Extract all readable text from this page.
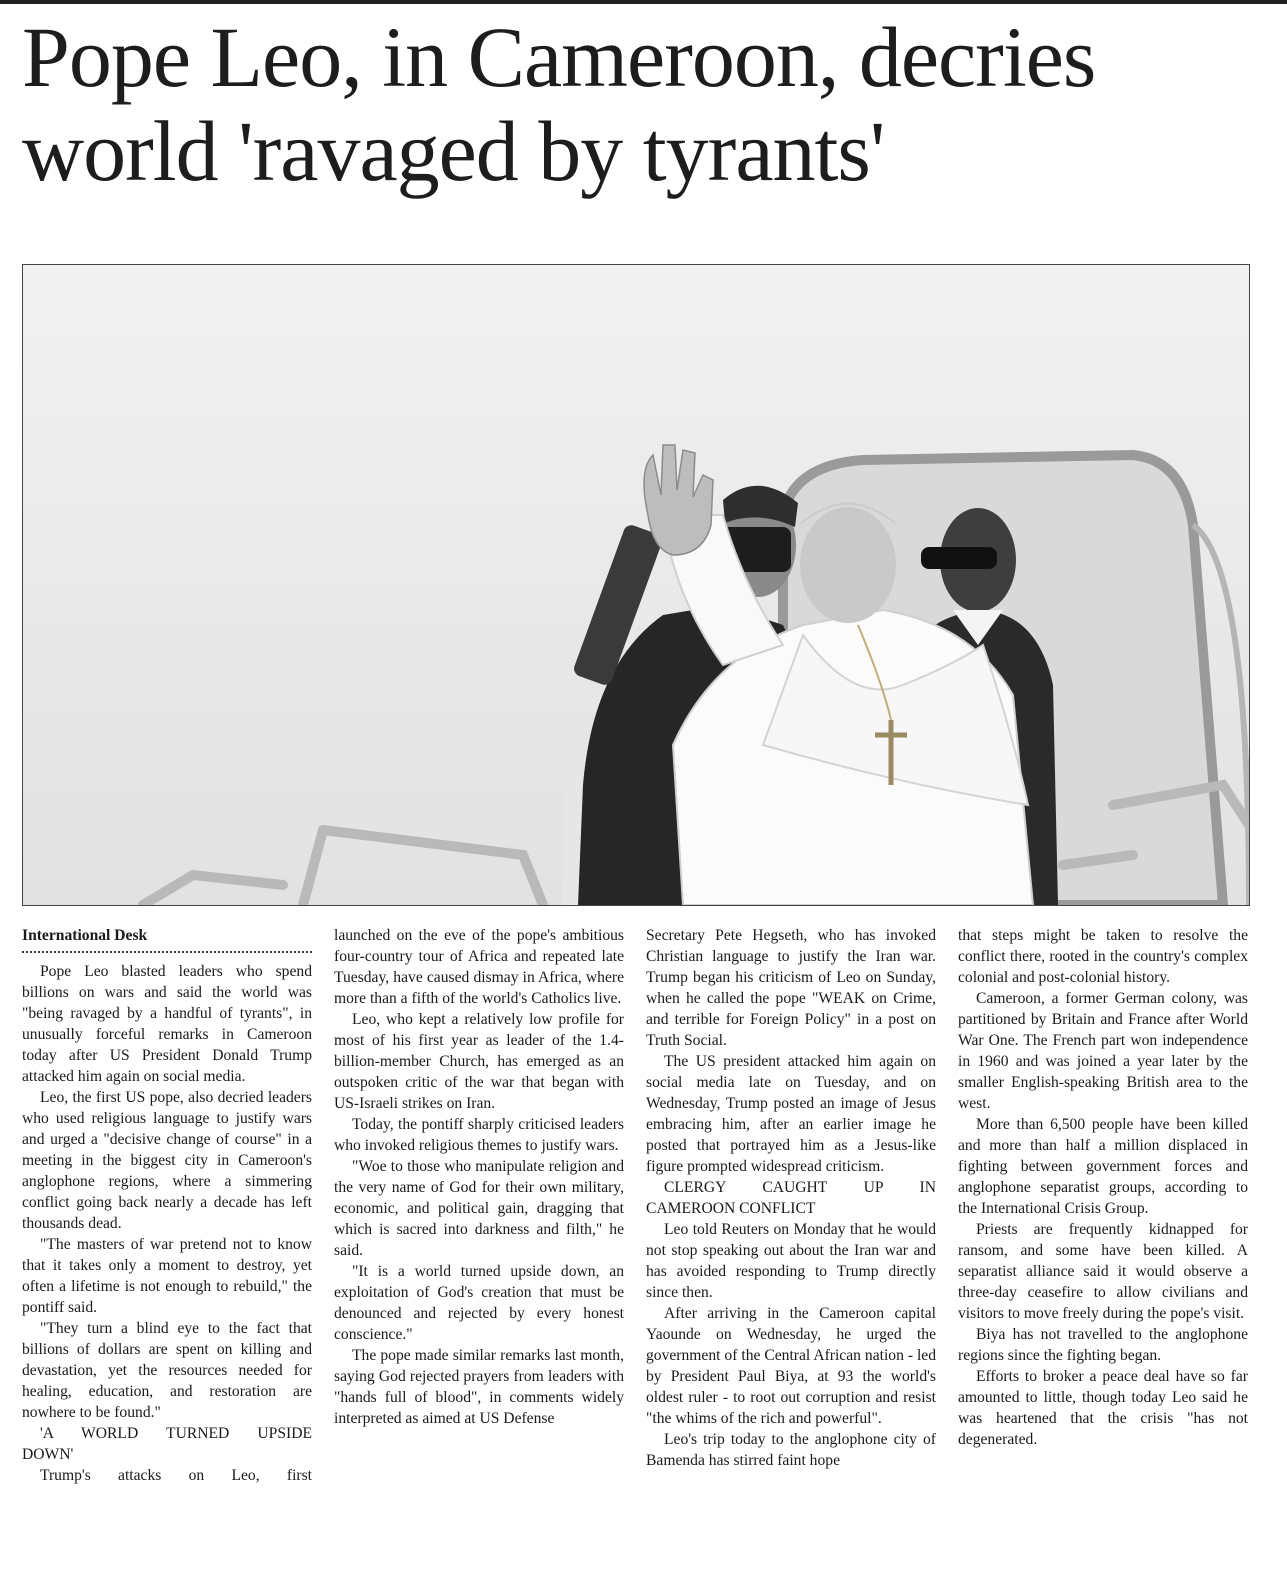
Pope Leo, in Cameroon, decries world 'ravaged by tyrants'
International Desk

Pope Leo blasted leaders who spend billions on wars and said the world was "being ravaged by a handful of tyrants", in unusually forceful remarks in Cameroon today after US President Donald Trump attacked him again on social media.

Leo, the first US pope, also decried leaders who used religious language to justify wars and urged a "decisive change of course" in a meeting in the biggest city in Cameroon's anglophone regions, where a simmering conflict going back nearly a decade has left thousands dead.

"The masters of war pretend not to know that it takes only a moment to destroy, yet often a lifetime is not enough to rebuild," the pontiff said.

"They turn a blind eye to the fact that billions of dollars are spent on killing and devastation, yet the resources needed for healing, education, and restoration are nowhere to be found."

'A WORLD TURNED UPSIDE

DOWN'

Trump's attacks on Leo, first

launched on the eve of the pope's ambitious four-country tour of Africa and repeated late Tuesday, have caused dismay in Africa, where more than a fifth of the world's Catholics live.

Leo, who kept a relatively low profile for most of his first year as leader of the 1.4-billion-member Church, has emerged as an outspoken critic of the war that began with US-Israeli strikes on Iran.

Today, the pontiff sharply criticised leaders who invoked religious themes to justify wars.

"Woe to those who manipulate religion and the very name of God for their own military, economic, and political gain, dragging that which is sacred into darkness and filth," he said.

"It is a world turned upside down, an exploitation of God's creation that must be denounced and rejected by every honest conscience."

The pope made similar remarks last month, saying God rejected prayers from leaders with "hands full of blood", in comments widely interpreted as aimed at US Defense

Secretary Pete Hegseth, who has invoked Christian language to justify the Iran war. Trump began his criticism of Leo on Sunday, when he called the pope "WEAK on Crime, and terrible for Foreign Policy" in a post on Truth Social.

The US president attacked him again on social media late on Tuesday, and on Wednesday, Trump posted an image of Jesus embracing him, after an earlier image he posted that portrayed him as a Jesus-like figure prompted widespread criticism.

CLERGY CAUGHT UP IN

CAMEROON CONFLICT

Leo told Reuters on Monday that he would not stop speaking out about the Iran war and has avoided responding to Trump directly since then.

After arriving in the Cameroon capital Yaounde on Wednesday, he urged the government of the Central African nation - led by President Paul Biya, at 93 the world's oldest ruler - to root out corruption and resist "the whims of the rich and powerful".

Leo's trip today to the anglophone city of Bamenda has stirred faint hope

that steps might be taken to resolve the conflict there, rooted in the country's complex colonial and post-colonial history.

Cameroon, a former German colony, was partitioned by Britain and France after World War One. The French part won independence in 1960 and was joined a year later by the smaller English-speaking British area to the west.

More than 6,500 people have been killed and more than half a million displaced in fighting between government forces and anglophone separatist groups, according to the International Crisis Group.

Priests are frequently kidnapped for ransom, and some have been killed. A separatist alliance said it would observe a three-day ceasefire to allow civilians and visitors to move freely during the pope's visit.

Biya has not travelled to the anglophone regions since the fighting began.

Efforts to broker a peace deal have so far amounted to little, though today Leo said he was heartened that the crisis "has not degenerated.
